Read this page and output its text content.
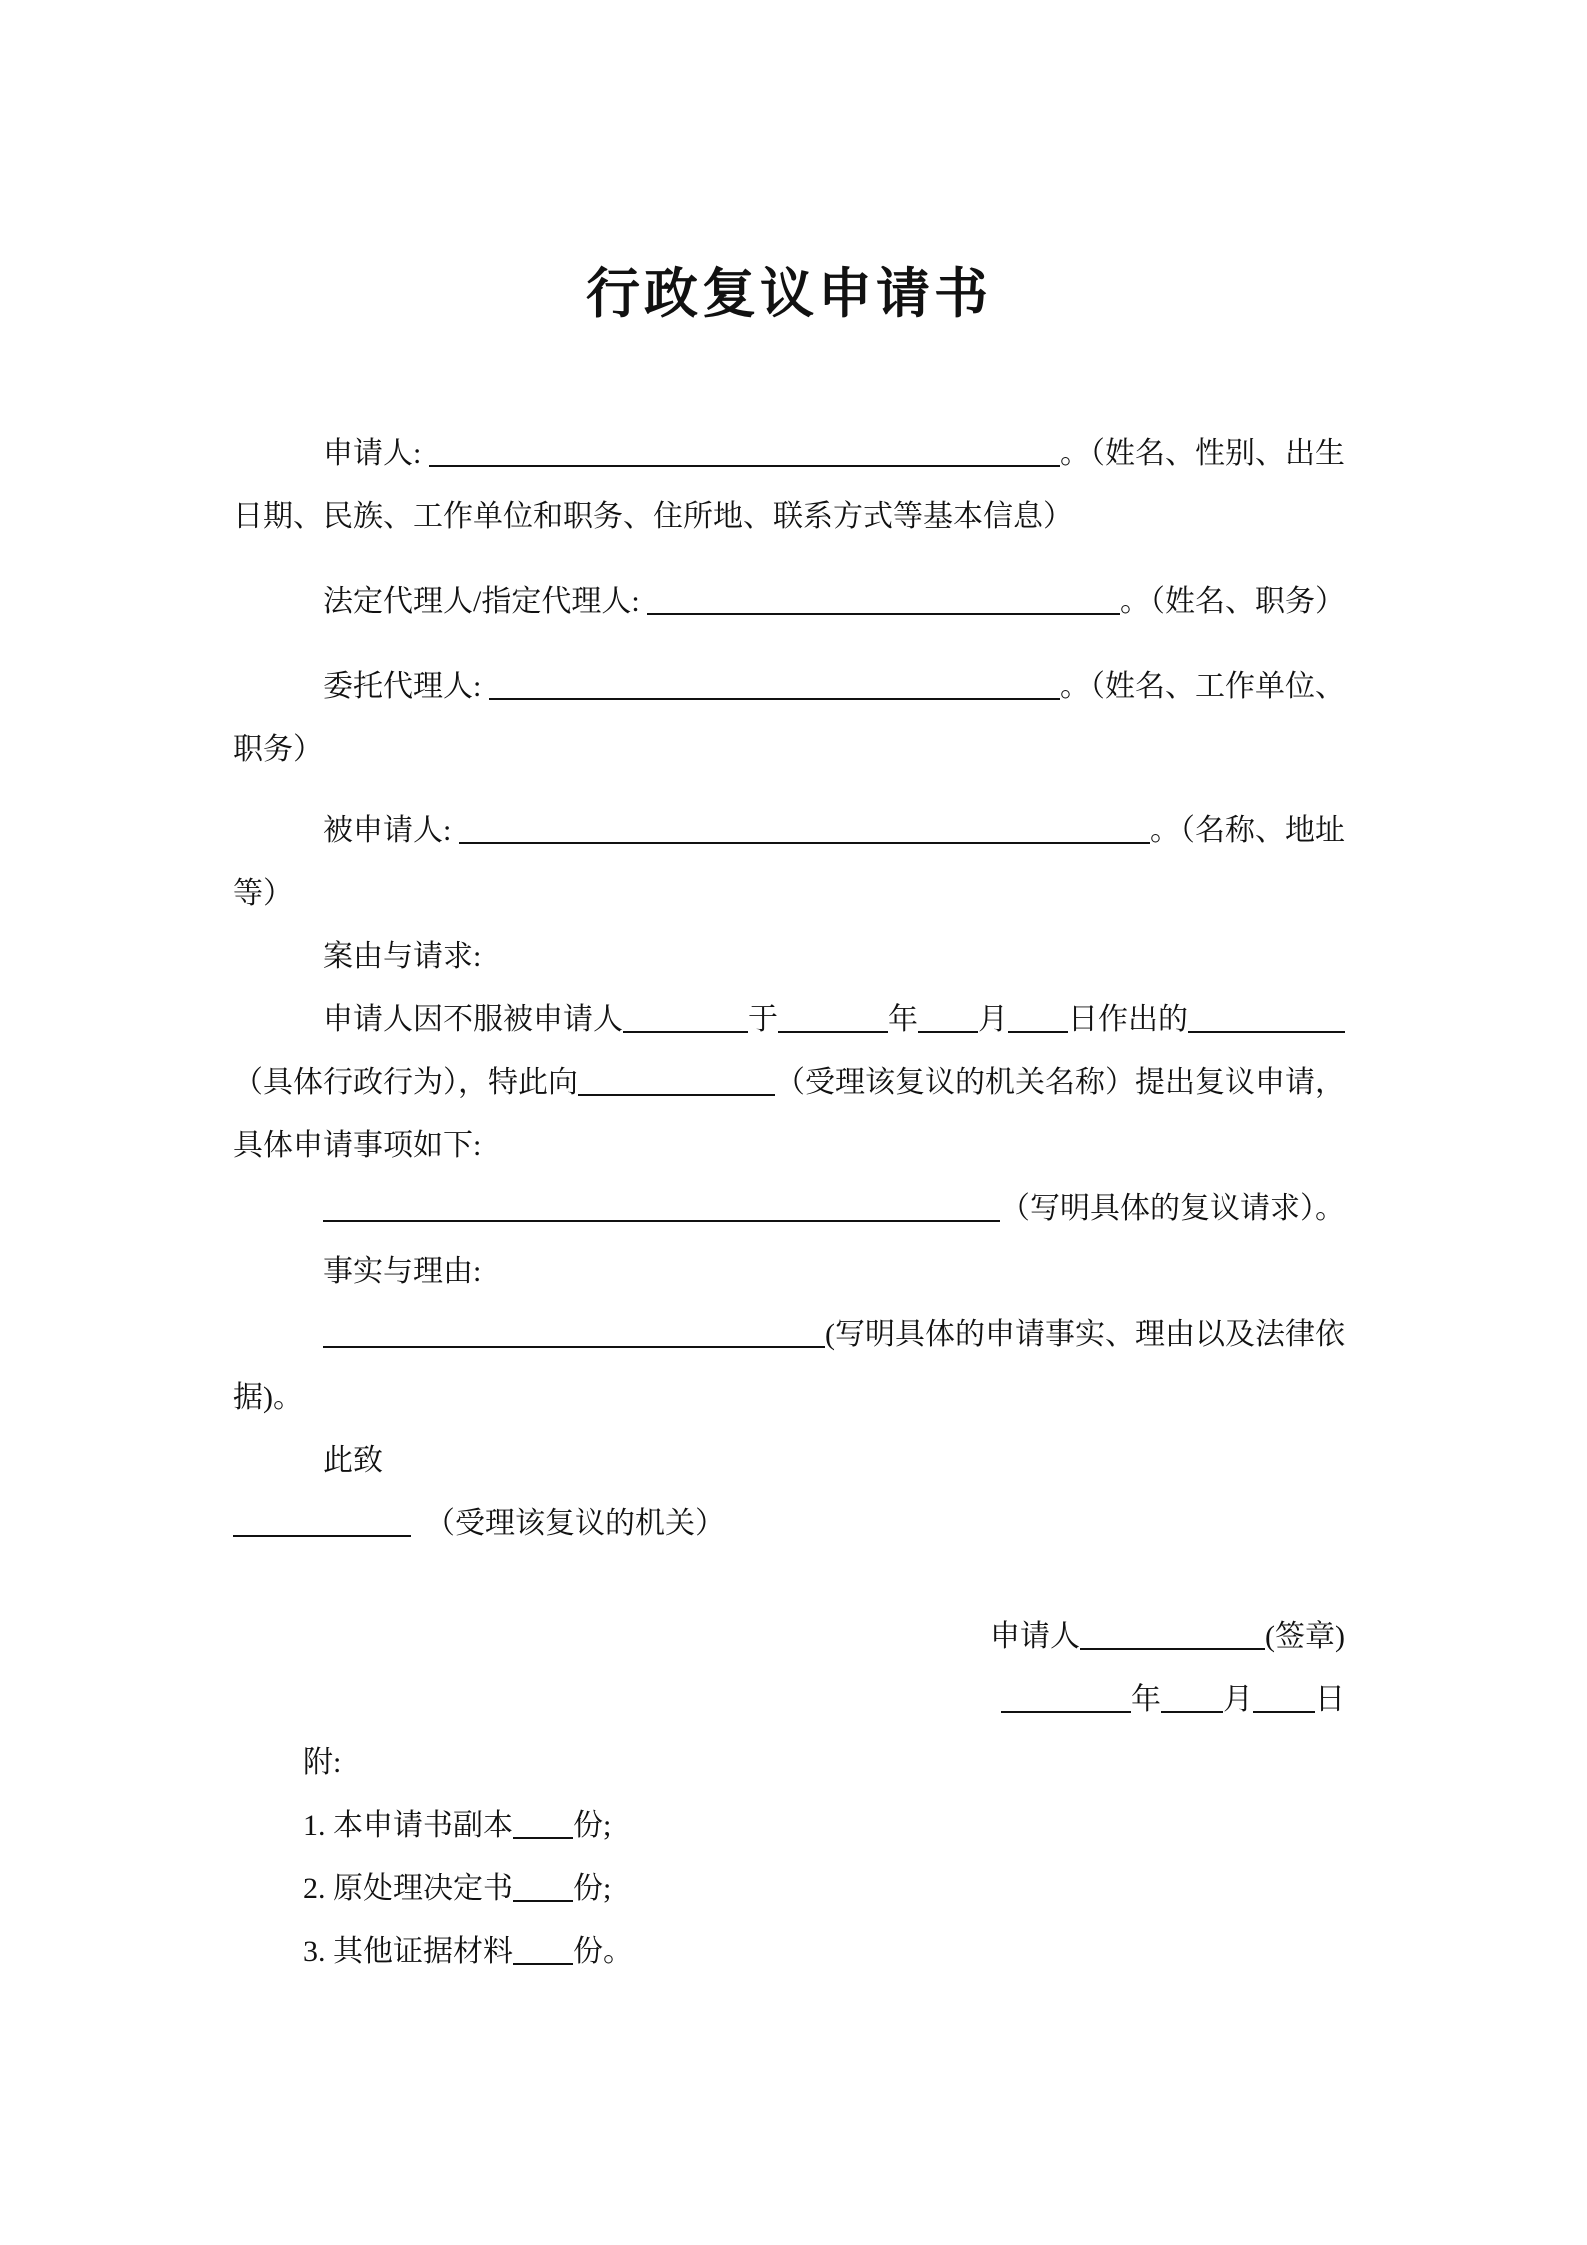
行政复议申请书
申请人:	。（姓名、性别、出生
日期、民族、工作单位和职务、住所地、联系方式等基本信息）
法定代理人/指定代理人:	。（姓名、职务）
委托代理人:	。（姓名、工作单位、
职务）
被申请人:	。（名称、地址
等）
案由与请求:
申请人因不服被申请人	于	年 月 日作出的
（具体行政行为），特此向	（受理该复议的机关名称）提出复议申请，
具体申请事项如下:
（写明具体的复议请求）。
事实与理由:
(写明具体的申请事实、理由以及法律依
据)。
此致
（受理该复议的机关）
申请人	(签章)
年 月 日
附:
1. 本申请书副本 份;
2. 原处理决定书 份;
3. 其他证据材料 份。
